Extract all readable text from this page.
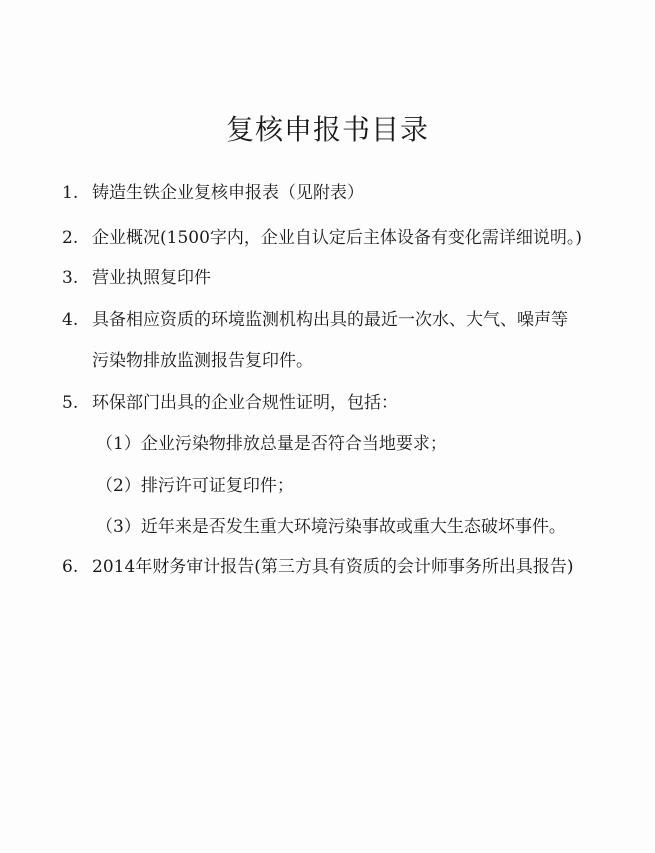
复核申报书目录
1. 铸造生铁企业复核申报表（见附表）
2. 企业概况(1500字内，企业自认定后主体设备有变化需详细说明。)
3. 营业执照复印件
4. 具备相应资质的环境监测机构出具的最近一次水、大气、噪声等
污染物排放监测报告复印件。
5. 环保部门出具的企业合规性证明，包括：
（1）企业污染物排放总量是否符合当地要求；
（2）排污许可证复印件；
（3）近年来是否发生重大环境污染事故或重大生态破坏事件。
6. 2014年财务审计报告(第三方具有资质的会计师事务所出具报告)
